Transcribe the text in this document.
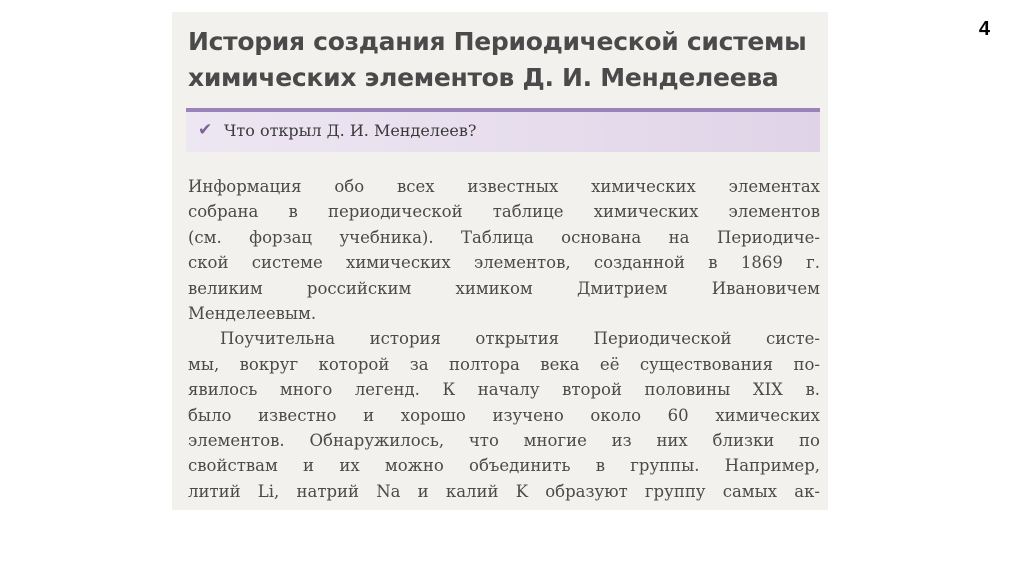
4
История создания Периодической системы
химических элементов Д. И. Менделеева
✔ Что открыл Д. И. Менделеев?
Информация обо всех известных химических элементах
собрана в периодической таблице химических элементов
(см. форзац учебника). Таблица основана на Периодиче-
ской системе химических элементов, созданной в 1869 г.
великим российским химиком Дмитрием Ивановичем
Менделеевым.
Поучительна история открытия Периодической систе-
мы, вокруг которой за полтора века её существования по-
явилось много легенд. К началу второй половины XIX в.
было известно и хорошо изучено около 60 химических
элементов. Обнаружилось, что многие из них близки по
свойствам и их можно объединить в группы. Например,
литий Li, натрий Na и калий K образуют группу самых ак-
